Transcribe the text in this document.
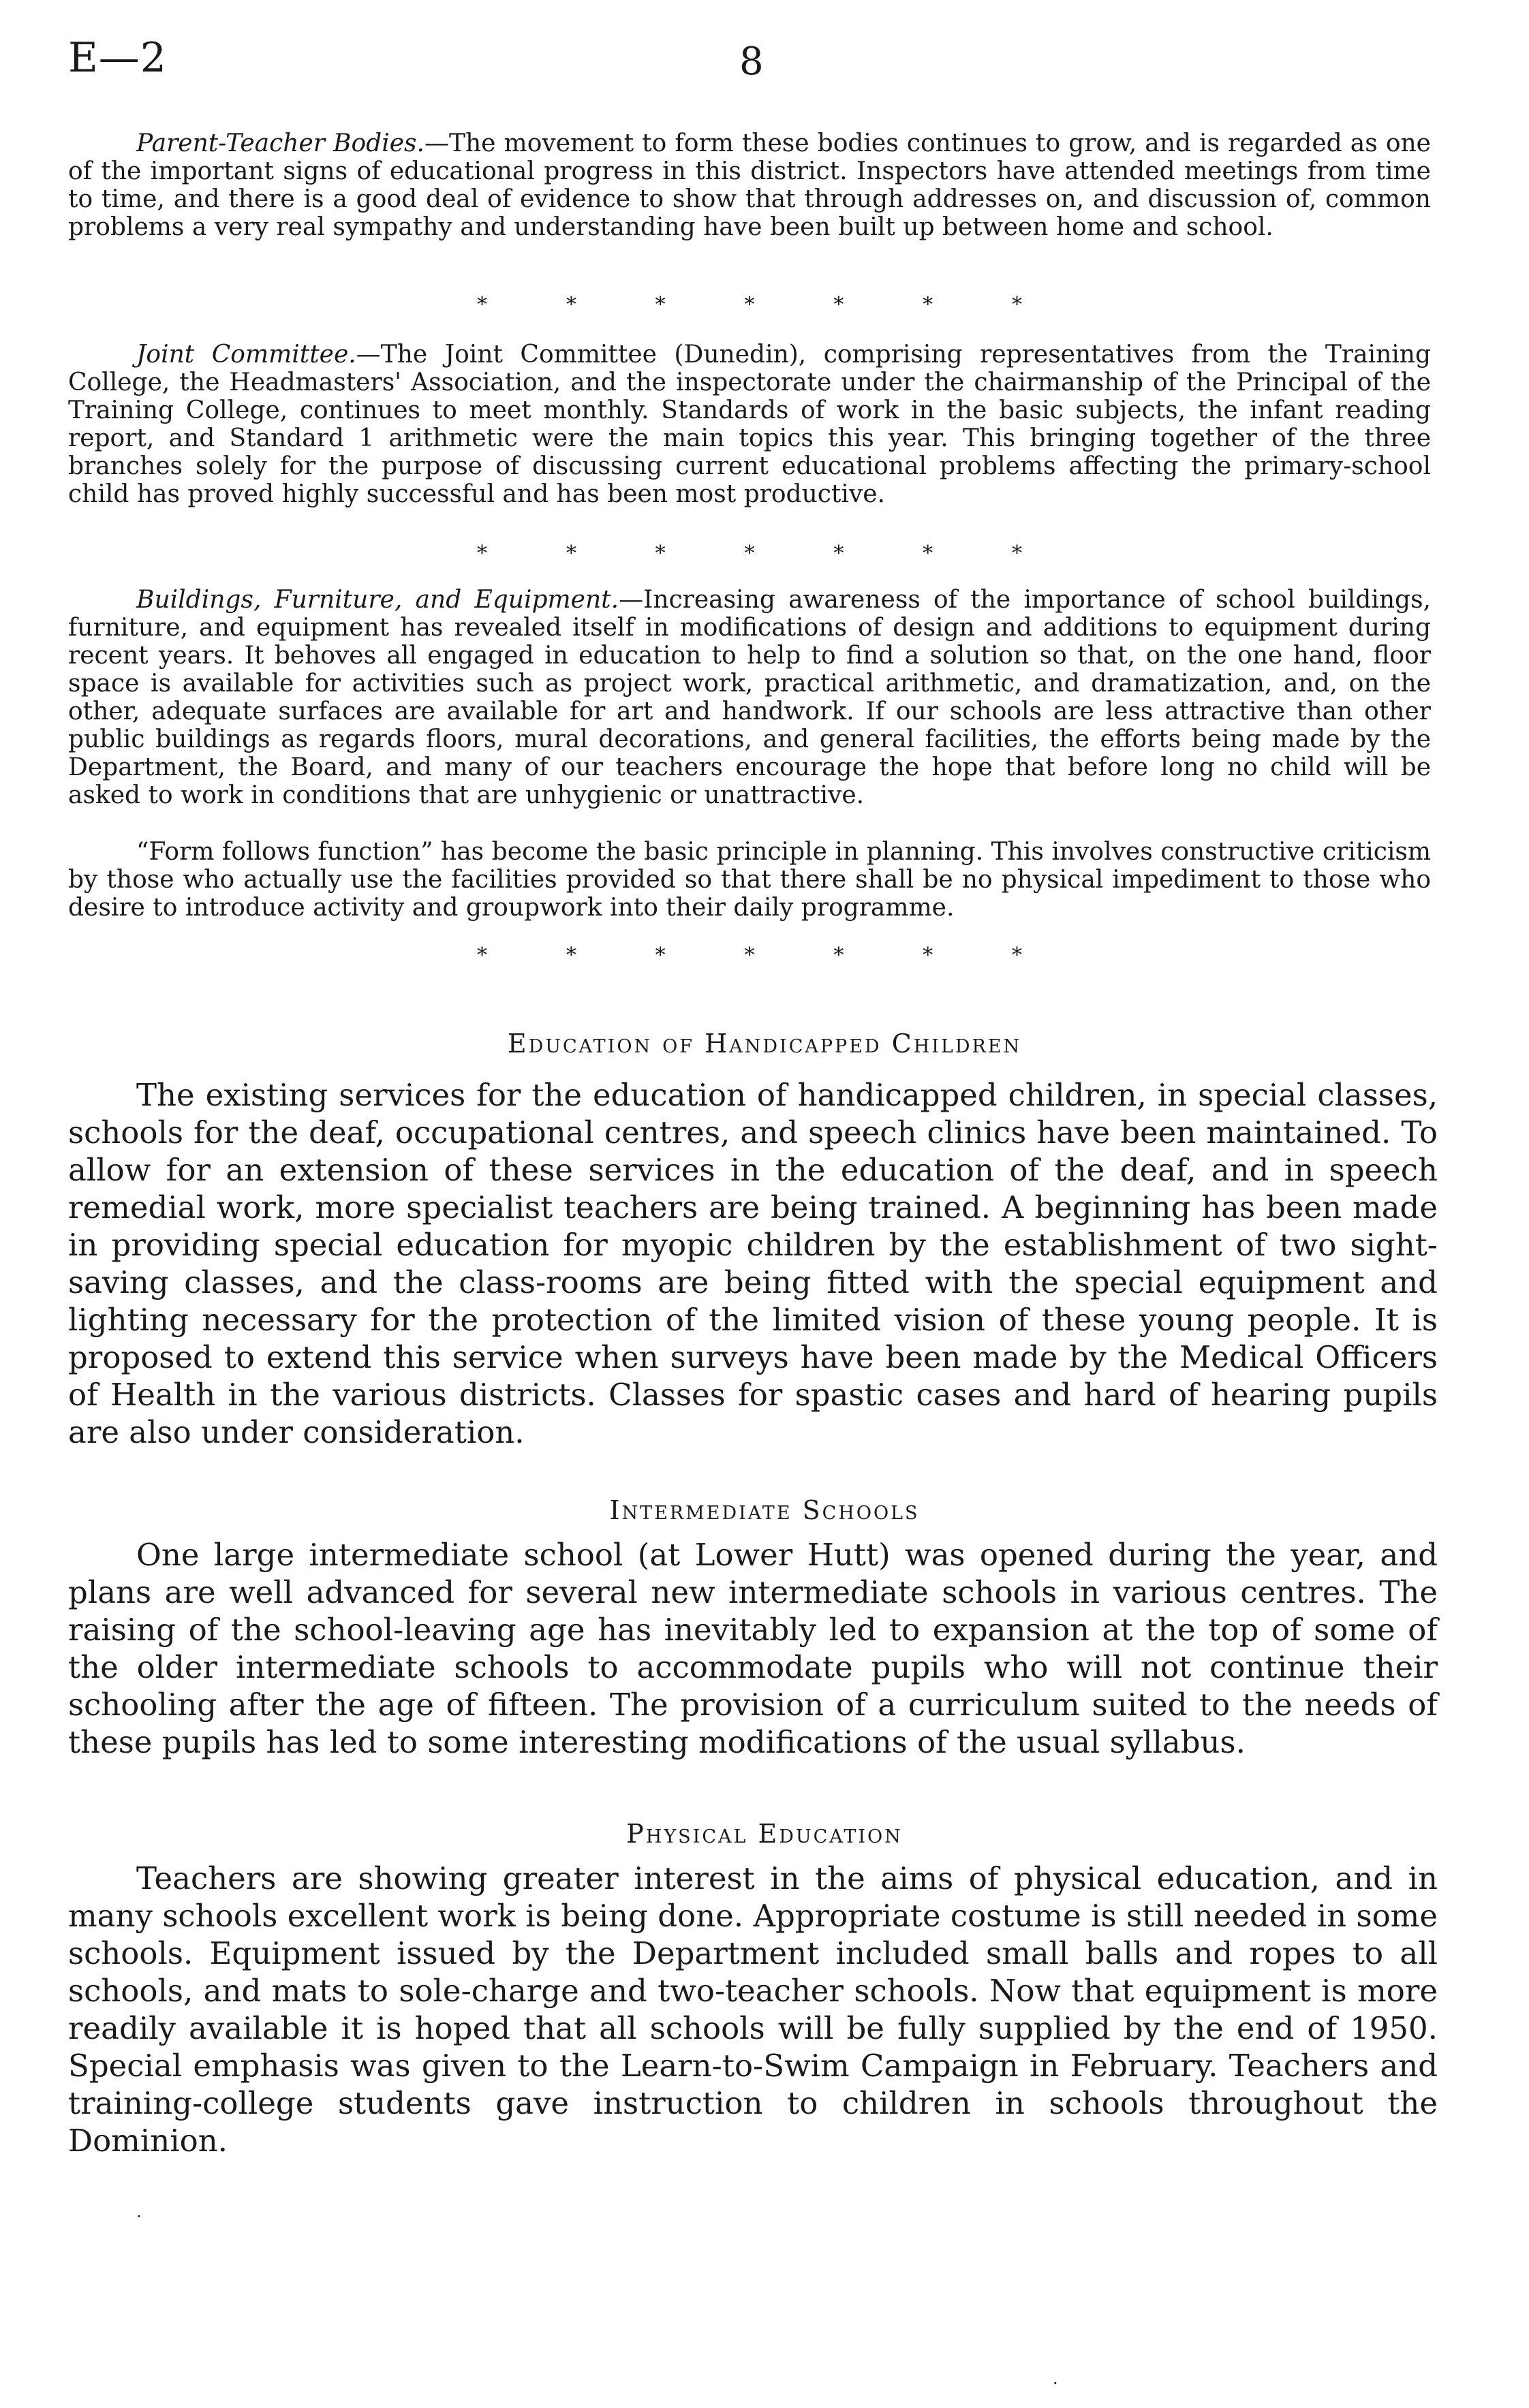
E—2	8

Parent-Teacher Bodies.—The movement to form these bodies continues to grow, and is regarded as one of the important signs of educational progress in this district. Inspectors have attended meetings from time to time, and there is a good deal of evidence to show that through addresses on, and discussion of, common problems a very real sympathy and understanding have been built up between home and school.

*	*	*	*	*	*	*

Joint Committee.—The Joint Committee (Dunedin), comprising representatives from the Training College, the Headmasters' Association, and the inspectorate under the chairmanship of the Principal of the Training College, continues to meet monthly. Standards of work in the basic subjects, the infant reading report, and Standard 1 arithmetic were the main topics this year. This bringing together of the three branches solely for the purpose of discussing current educational problems affecting the primary-school child has proved highly successful and has been most productive.

*	*	*	*	*	*	*

Buildings, Furniture, and Equipment.—Increasing awareness of the importance of school buildings, furniture, and equipment has revealed itself in modifications of design and additions to equipment during recent years. It behoves all engaged in education to help to find a solution so that, on the one hand, floor space is available for activities such as project work, practical arithmetic, and dramatization, and, on the other, adequate surfaces are available for art and handwork. If our schools are less attractive than other public buildings as regards floors, mural decorations, and general facilities, the efforts being made by the Department, the Board, and many of our teachers encourage the hope that before long no child will be asked to work in conditions that are unhygienic or unattractive.

“Form follows function” has become the basic principle in planning. This involves constructive criticism by those who actually use the facilities provided so that there shall be no physical impediment to those who desire to introduce activity and groupwork into their daily programme.

*	*	*	*	*	*	*
Education of Handicapped Children

The existing services for the education of handicapped children, in special classes, schools for the deaf, occupational centres, and speech clinics have been maintained. To allow for an extension of these services in the education of the deaf, and in speech remedial work, more specialist teachers are being trained. A beginning has been made in providing special education for myopic children by the establishment of two sight-saving classes, and the class-rooms are being fitted with the special equipment and lighting necessary for the protection of the limited vision of these young people. It is proposed to extend this service when surveys have been made by the Medical Officers of Health in the various districts. Classes for spastic cases and hard of hearing pupils are also under consideration.

Intermediate Schools

One large intermediate school (at Lower Hutt) was opened during the year, and plans are well advanced for several new intermediate schools in various centres. The raising of the school-leaving age has inevitably led to expansion at the top of some of the older intermediate schools to accommodate pupils who will not continue their schooling after the age of fifteen. The provision of a curriculum suited to the needs of these pupils has led to some interesting modifications of the usual syllabus.

Physical Education

Teachers are showing greater interest in the aims of physical education, and in many schools excellent work is being done. Appropriate costume is still needed in some schools. Equipment issued by the Department included small balls and ropes to all schools, and mats to sole-charge and two-teacher schools. Now that equipment is more readily available it is hoped that all schools will be fully supplied by the end of 1950. Special emphasis was given to the Learn-to-Swim Campaign in February. Teachers and training-college students gave instruction to children in schools throughout the Dominion.

·
·
